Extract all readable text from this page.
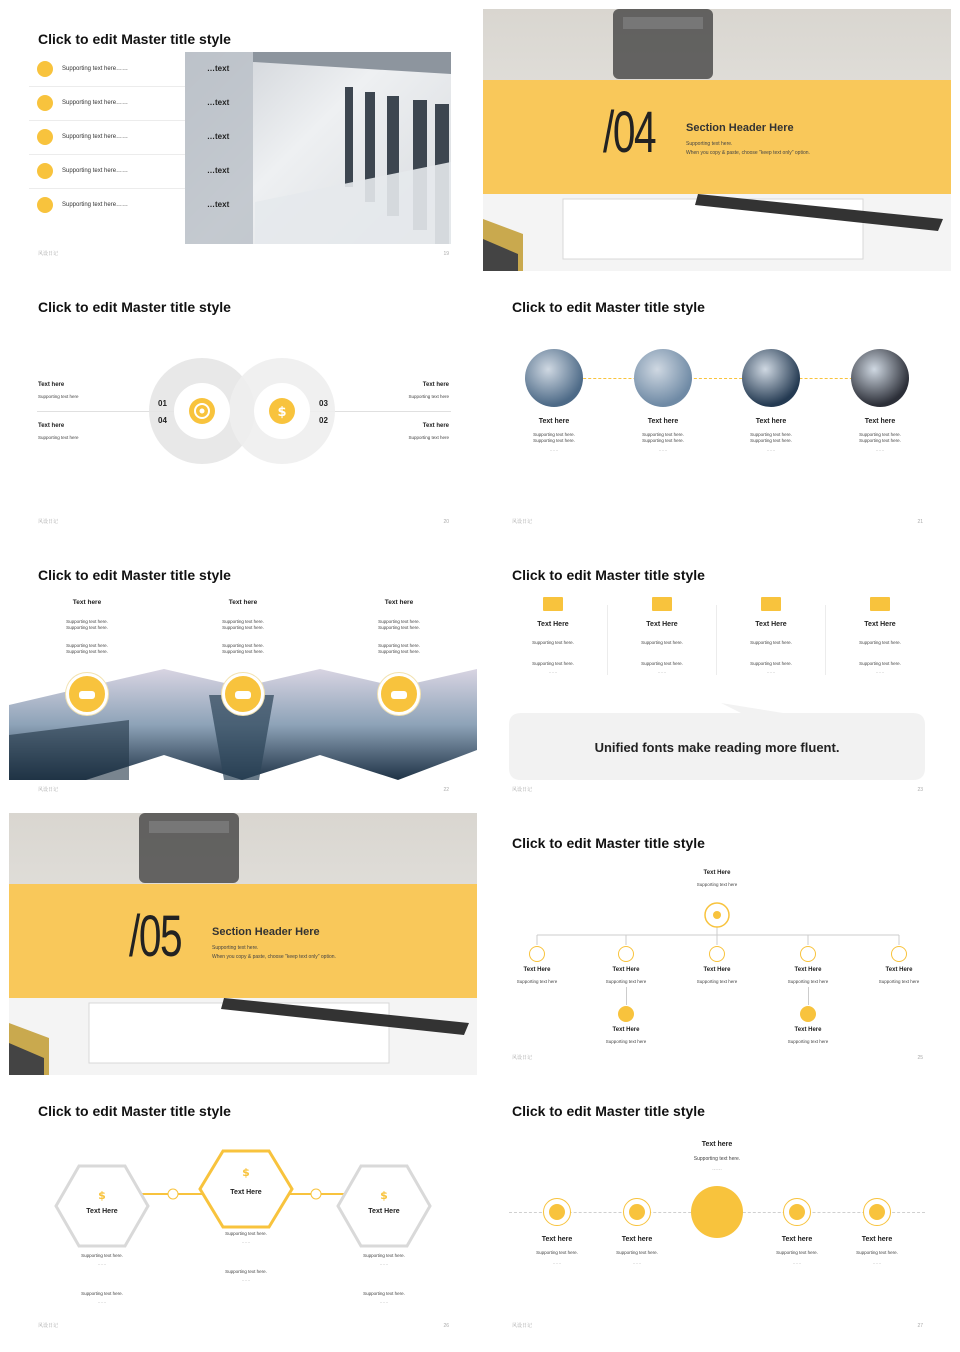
Click to edit Master title style
风设日记	19
Supporting text here……	…text
Supporting text here……	…text
Supporting text here……	…text
Supporting text here……	…text
Supporting text here……	…text
/04	Section Header Here
Supporting text here.
When you copy & paste, choose "keep text only" option.
Click to edit Master title style
$
01
04
03
02
Text here
Supporting text here
Text here
Supporting text here
Text here
Supporting text here
Text here
Supporting text here
风设日记	20
Click to edit Master title style
风设日记	21
Text here
Supporting text here.
Supporting text here.
……
Text here
Supporting text here.
Supporting text here.
……
Text here
Supporting text here.
Supporting text here.
……
Text here
Supporting text here.
Supporting text here.
……
Click to edit Master title style
风设日记	22
Text here
Supporting text here.
Supporting text here.
Supporting text here.
Supporting text here.
Text here
Supporting text here.
Supporting text here.
Supporting text here.
Supporting text here.
Text here
Supporting text here.
Supporting text here.
Supporting text here.
Supporting text here.
Click to edit Master title style
Unified fonts make reading more fluent.
风设日记	23
Text Here
Supporting text here.
Supporting text here.
……
Text Here
Supporting text here.
Supporting text here.
……
Text Here
Supporting text here.
Supporting text here.
……
Text Here
Supporting text here.
Supporting text here.
……
/05	Section Header Here
Supporting text here.
When you copy & paste, choose "keep text only" option.
Click to edit Master title style
Text Here
Supporting text here
风设日记	25
Text Here
Supporting text here
Text Here
Supporting text here
Text Here
Supporting text here
Text Here
Supporting text here
Text Here
Supporting text here
Text Here
Supporting text here
Text Here
Supporting text here
Click to edit Master title style
$
$
$
风设日记	26
Text Here
Supporting text here.
……
Supporting text here.
……
Text Here
Supporting text here.
……
Supporting text here.
……
Text Here
Supporting text here.
……
Supporting text here.
……
Click to edit Master title style
Text here
Supporting text here.
……
风设日记	27
Text here
Supporting text here.
……
Text here
Supporting text here.
……
Text here
Supporting text here.
……
Text here
Supporting text here.
……
